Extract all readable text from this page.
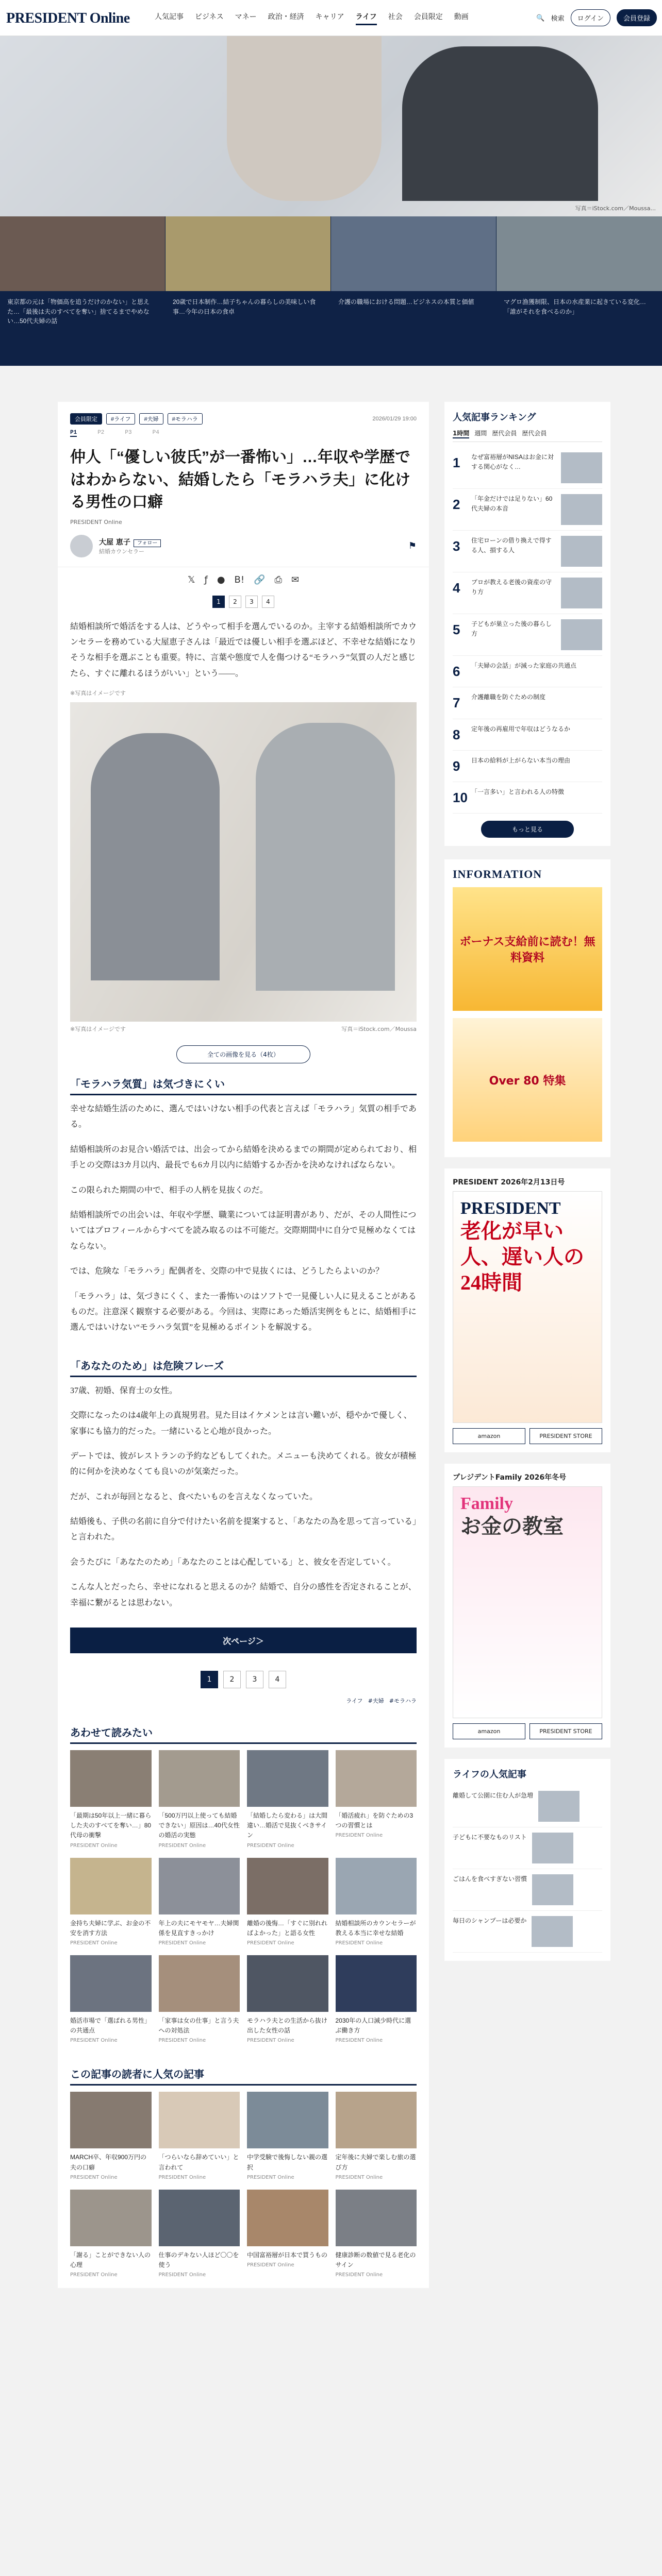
PRESIDENT Online	人気記事 ビジネス マネー 政治・経済 キャリア ライフ 社会 会員限定 動画	🔍 検索	ログイン	会員登録
写真＝iStock.com／Moussa...
東京都の元は「物価高を追うだけのかない」と思えた…「最後は夫のすべてを奪い」捨てるまでやめない…50代夫婦の話
20歳で日本制作…結子ちゃんの暮らしの美味しい食事…今年の日本の食卓
介護の職場における問題…ビジネスの本質と価値	マグロ漁獲制限、日本の水産業に起きている変化…「誰がそれを食べるのか」
会員限定	#ライフ	#夫婦	#モラハラ	2026/01/29 19:00
P1	P2	P3	P4
仲人「“優しい彼氏”が一番怖い」…年収や学歴ではわからない、結婚したら「モラハラ夫」に化ける男性の口癖
PRESIDENT Online
大屋 恵子 フォロー
結婚カウンセラー	⚑
𝕏 ƒ ● B! 🔗 ⎙ ✉
1	2	3	4
結婚相談所で婚活をする人は、どうやって相手を選んでいるのか。主宰する結婚相談所でカウンセラーを務めている大屋恵子さんは「最近では優しい相手を選ぶほど、不幸せな結婚になりそうな相手を選ぶことも重要。特に、言葉や態度で人を傷つける“モラハラ”気質の人だと感じたら、すぐに離れるほうがいい」という――。
※写真はイメージです
※写真はイメージです	写真＝iStock.com／Moussa
全ての画像を見る（4枚）
「モラハラ気質」は気づきにくい

幸せな結婚生活のために、選んではいけない相手の代表と言えば「モラハラ」気質の相手である。

結婚相談所のお見合い婚活では、出会ってから結婚を決めるまでの期間が定められており、相手との交際は3カ月以内、最長でも6カ月以内に結婚するか否かを決めなければならない。

この限られた期間の中で、相手の人柄を見抜くのだ。

結婚相談所での出会いは、年収や学歴、職業については証明書があり、だが、その人間性についてはプロフィールからすべてを読み取るのは不可能だ。交際期間中に自分で見極めなくてはならない。

では、危険な「モラハラ」配偶者を、交際の中で見抜くには、どうしたらよいのか？

「モラハラ」は、気づきにくく、また一番怖いのはソフトで一見優しい人に見えることがあるものだ。注意深く観察する必要がある。今回は、実際にあった婚活実例をもとに、結婚相手に選んではいけない“モラハラ気質”を見極めるポイントを解説する。

「あなたのため」は危険フレーズ

37歳、初婚、保育士の女性。

交際になったのは4歳年上の真規男君。見た目はイケメンとは言い難いが、穏やかで優しく、家事にも協力的だった。一緒にいると心地が良かった。

デートでは、彼がレストランの予約などもしてくれた。メニューも決めてくれる。彼女が積極的に何かを決めなくても良いのが気楽だった。

だが、これが毎回となると、食べたいものを言えなくなっていた。

結婚後も、子供の名前に自分で付けたい名前を提案すると、「あなたの為を思って言っている」と言われた。

会うたびに「あなたのため」「あなたのことは心配している」と、彼女を否定していく。

こんな人とだったら、幸せになれると思えるのか？結婚で、自分の感性を否定されることが、幸福に繋がるとは思わない。

次ページ＞
1	2	3	4
ライフ #夫婦 #モラハラ
あわせて読みたい
「最期は50年以上一緒に暮らした夫のすべてを奪い…」80代母の衝撃
PRESIDENT Online
「500万円以上使っても結婚できない」原因は…40代女性の婚活の実態
PRESIDENT Online
「結婚したら変わる」は大間違い…婚活で見抜くべきサイン
PRESIDENT Online
「婚活疲れ」を防ぐための3つの習慣とは
PRESIDENT Online
金持ち夫婦に学ぶ、お金の不安を消す方法
PRESIDENT Online
年上の夫にモヤモヤ…夫婦関係を見直すきっかけ
PRESIDENT Online
離婚の後悔…「すぐに別れればよかった」と語る女性
PRESIDENT Online
結婚相談所のカウンセラーが教える本当に幸せな結婚
PRESIDENT Online
婚活市場で「選ばれる男性」の共通点
PRESIDENT Online
「家事は女の仕事」と言う夫への対処法
PRESIDENT Online
モラハラ夫との生活から抜け出した女性の話
PRESIDENT Online
2030年の人口減少時代に選ぶ働き方
PRESIDENT Online
この記事の読者に人気の記事
MARCH卒、年収900万円の夫の口癖
PRESIDENT Online
「つらいなら辞めていい」と言われて
PRESIDENT Online
中学受験で後悔しない親の選択
PRESIDENT Online
定年後に夫婦で楽しむ旅の選び方
PRESIDENT Online
「謝る」ことができない人の心理
PRESIDENT Online
仕事のデキない人ほど〇〇を使う
PRESIDENT Online
中国富裕層が日本で買うもの
PRESIDENT Online
健康診断の数値で見る老化のサイン
PRESIDENT Online
人気記事ランキング
1時間 週間 歴代会員 歴代会員
1	なぜ富裕層がNISAはお金に対する関心がなく…
2	「年金だけでは足りない」60代夫婦の本音
3	住宅ローンの借り換えで得する人、損する人
4	プロが教える老後の資産の守り方
5	子どもが巣立った後の暮らし方
6	「夫婦の会話」が減った家庭の共通点
7	介護離職を防ぐための制度
8	定年後の再雇用で年収はどうなるか
9	日本の給料が上がらない本当の理由
10 「一言多い」と言われる人の特徴
もっと見る
INFORMATION
ボーナス支給前に読む！無料資料
Over 80 特集
PRESIDENT 2026年2月13日号
PRESIDENT
老化が早い人、遅い人の24時間
amazon	PRESIDENT STORE
プレジデントFamily 2026年冬号
Family
お金の教室
amazon	PRESIDENT STORE
ライフの人気記事
離婚して公園に住む人が急増
子どもに不要なものリスト
ごはんを食べすぎない習慣
毎日のシャンプーは必要か
